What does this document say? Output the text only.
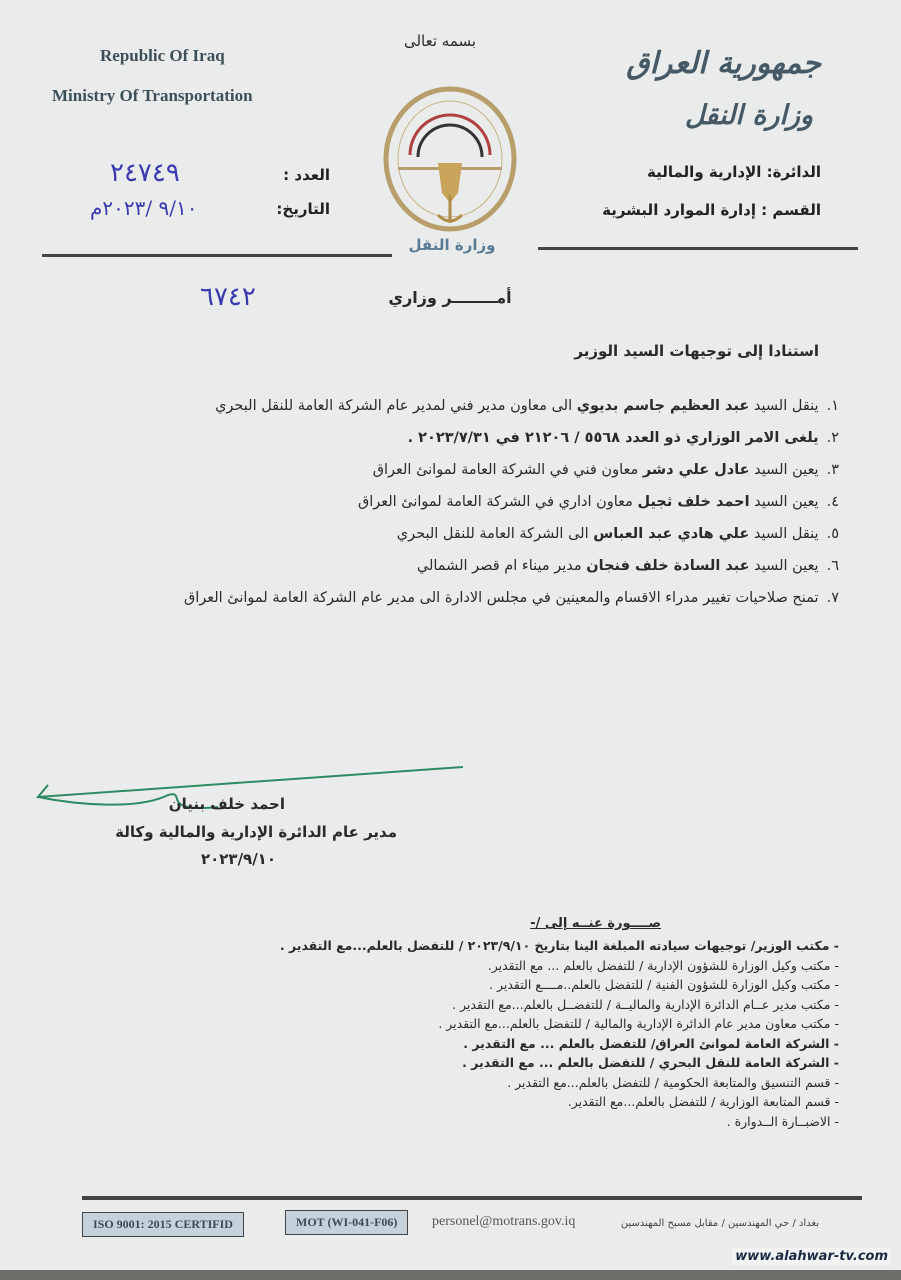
بسمه تعالى
Republic Of Iraq
Ministry Of Transportation
جمهورية العراق
وزارة النقل
الدائرة: الإدارية والمالية
القسم : إدارة الموارد البشرية
العدد :
٢٤٧٤٩
التاريخ:
٩/١٠ /٢٠٢٣م
وزارة النقل
أمــــــــر وزاري
٦٧٤٢
استنادا إلى توجيهات السيد الوزير
١.ينقل السيد عبد العظيم جاسم بديوي الى معاون مدير فني لمدير عام الشركة العامة للنقل البحري
٢.يلغى الامر الوزاري ذو العدد ٥٥٦٨ / ٢١٢٠٦ في ٢٠٢٣/٧/٣١ .
٣.يعين السيد عادل علي دشر معاون فني في الشركة العامة لموانئ العراق
٤.يعين السيد احمد خلف ثجيل معاون اداري في الشركة العامة لموانئ العراق
٥.ينقل السيد علي هادي عبد العباس الى الشركة العامة للنقل البحري
٦.يعين السيد عبد السادة خلف فنجان مدير ميناء ام قصر الشمالي
٧.تمنح صلاحيات تغيير مدراء الاقسام والمعينين في مجلس الادارة الى مدير عام الشركة العامة لموانئ العراق
احمد خلف بنيان
مدير عام الدائرة الإدارية والمالية وكالة
٢٠٢٣/٩/١٠
صــــورة عنــه إلى /-
- مكتب الوزير/ توجيهات سيادته المبلغة الينا بتاريخ ٢٠٢٣/٩/١٠ / للتفضل بالعلم...مع التقدير .
- مكتب وكيل الوزارة للشؤون الإدارية / للتفضل بالعلم ... مع التقدير.
- مكتب وكيل الوزارة للشؤون الفنية / للتفضل بالعلم..مــــع التقدير .
- مكتب مدير عــام الدائرة الإدارية والماليــة / للتفضــل بالعلم...مع التقدير .
- مكتب معاون مدير عام الدائرة الإدارية والمالية / للتفضل بالعلم...مع التقدير .
- الشركة العامة لموانئ العراق/ للتفضل بالعلم ... مع التقدير .
- الشركة العامة للنقل البحري / للتفضل بالعلم ... مع التقدير .
- قسم التنسيق والمتابعة الحكومية / للتفضل بالعلم...مع التقدير .
- قسم المتابعة الوزارية / للتفضل بالعلم...مع التقدير.
- الاضبــارة الــدوارة .
ISO 9001: 2015 CERTIFID	MOT (WI-041-F06)	personel@motrans.gov.iq	بغداد / حي المهندسين / مقابل مسبح المهندسين
www.alahwar-tv.com
